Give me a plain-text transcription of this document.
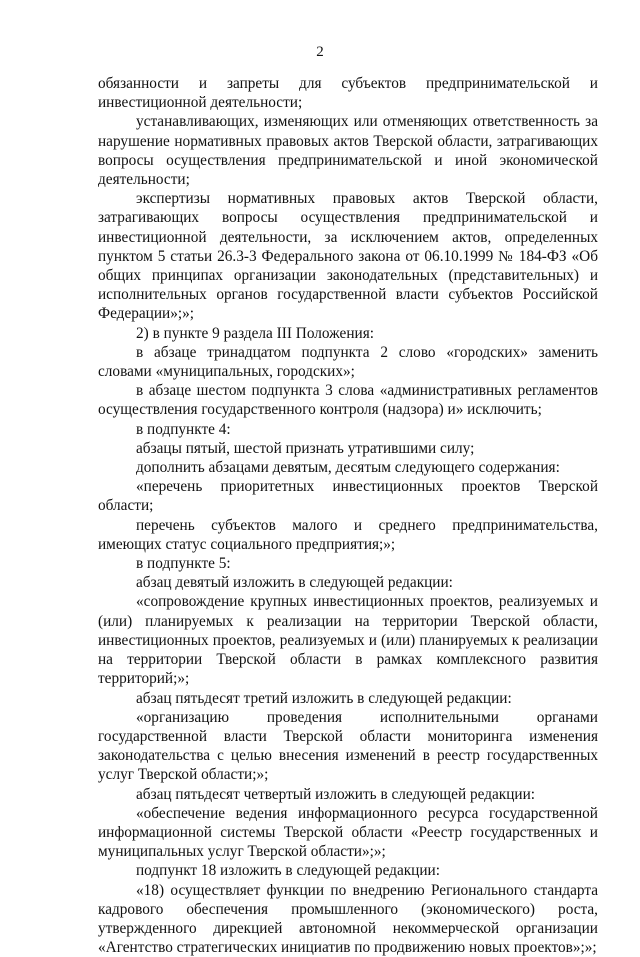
2

обязанности и запреты для субъектов предпринимательской и инвестиционной деятельности;

устанавливающих, изменяющих или отменяющих ответственность за нарушение нормативных правовых актов Тверской области, затрагивающих вопросы осуществления предпринимательской и иной экономической деятельности;

экспертизы нормативных правовых актов Тверской области, затрагивающих вопросы осуществления предпринимательской и инвестиционной деятельности, за исключением актов, определенных пунктом 5 статьи 26.3-3 Федерального закона от 06.10.1999 № 184-ФЗ «Об общих принципах организации законодательных (представительных) и исполнительных органов государственной власти субъектов Российской Федерации»;»;

2) в пункте 9 раздела III Положения:

в абзаце тринадцатом подпункта 2 слово «городских» заменить словами «муниципальных, городских»;

в абзаце шестом подпункта 3 слова «административных регламентов осуществления государственного контроля (надзора) и» исключить;

в подпункте 4:

абзацы пятый, шестой признать утратившими силу;

дополнить абзацами девятым, десятым следующего содержания:

«перечень приоритетных инвестиционных проектов Тверской области;

перечень субъектов малого и среднего предпринимательства, имеющих статус социального предприятия;»;

в подпункте 5:

абзац девятый изложить в следующей редакции:

«сопровождение крупных инвестиционных проектов, реализуемых и (или) планируемых к реализации на территории Тверской области, инвестиционных проектов, реализуемых и (или) планируемых к реализации на территории Тверской области в рамках комплексного развития территорий;»;

абзац пятьдесят третий изложить в следующей редакции:

«организацию проведения исполнительными органами государственной власти Тверской области мониторинга изменения законодательства с целью внесения изменений в реестр государственных услуг Тверской области;»;

абзац пятьдесят четвертый изложить в следующей редакции:

«обеспечение ведения информационного ресурса государственной информационной системы Тверской области «Реестр государственных и муниципальных услуг Тверской области»;»;

подпункт 18 изложить в следующей редакции:

«18) осуществляет функции по внедрению Регионального стандарта кадрового обеспечения промышленного (экономического) роста, утвержденного дирекцией автономной некоммерческой организации «Агентство стратегических инициатив по продвижению новых проектов»;»;
